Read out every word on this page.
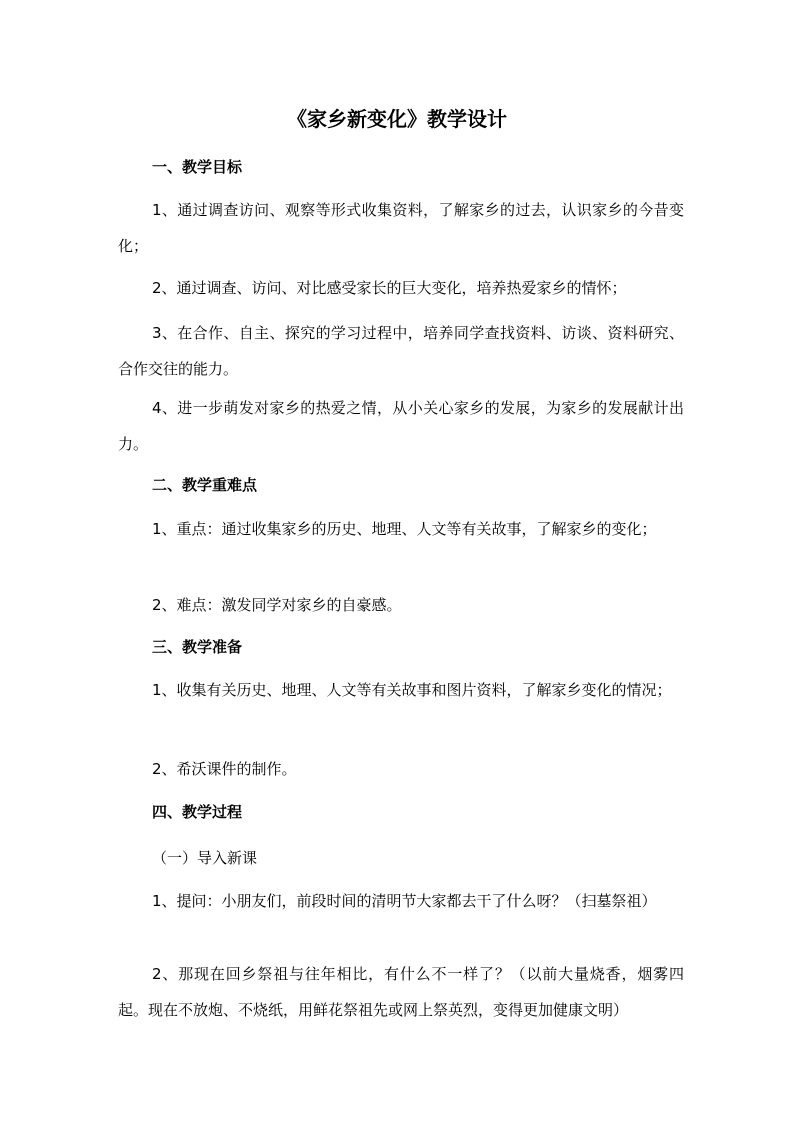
《家乡新变化》教学设计
一、教学目标
1、通过调查访问、观察等形式收集资料，了解家乡的过去，认识家乡的今昔变化；
2、通过调查、访问、对比感受家长的巨大变化，培养热爱家乡的情怀；
3、在合作、自主、探究的学习过程中，培养同学查找资料、访谈、资料研究、合作交往的能力。
4、进一步萌发对家乡的热爱之情，从小关心家乡的发展，为家乡的发展献计出力。
二、教学重难点
1、重点：通过收集家乡的历史、地理、人文等有关故事，了解家乡的变化；
2、难点：激发同学对家乡的自豪感。
三、教学准备
1、收集有关历史、地理、人文等有关故事和图片资料，了解家乡变化的情况；
2、希沃课件的制作。
四、教学过程
（一）导入新课
1、提问：小朋友们，前段时间的清明节大家都去干了什么呀？（扫墓祭祖）
2、那现在回乡祭祖与往年相比，有什么不一样了？（以前大量烧香，烟雾四起。现在不放炮、不烧纸，用鲜花祭祖先或网上祭英烈，变得更加健康文明）
